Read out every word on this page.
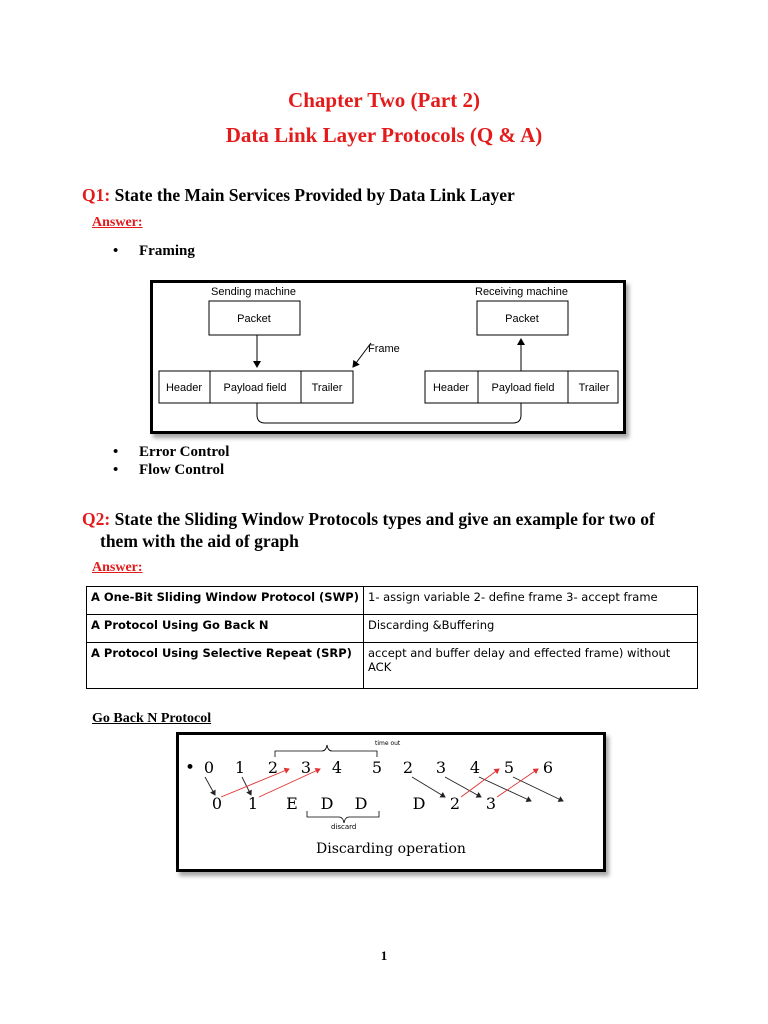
Chapter Two (Part 2)
Data Link Layer Protocols (Q & A)
Q1: State the Main Services Provided by Data Link Layer
Answer:
• Framing
Sending machine	Receiving machine
Packet	Packet
Frame
Header Payload field Trailer	Header Payload field Trailer
• Error Control
• Flow Control
Q2: State the Sliding Window Protocols types and give an example for two of
them with the aid of graph
Answer:
A One-Bit Sliding Window Protocol (SWP)	1- assign variable 2- define frame 3- accept frame
A Protocol Using Go Back N	Discarding &Buffering
A Protocol Using Selective Repeat (SRP)	accept and buffer delay and effected frame) without ACK
Go Back N Protocol
•
time out
0 1 2 3 4 5 2 3 4 5 6
0 1 E D D	D 2 3
discard
Discarding operation
1
